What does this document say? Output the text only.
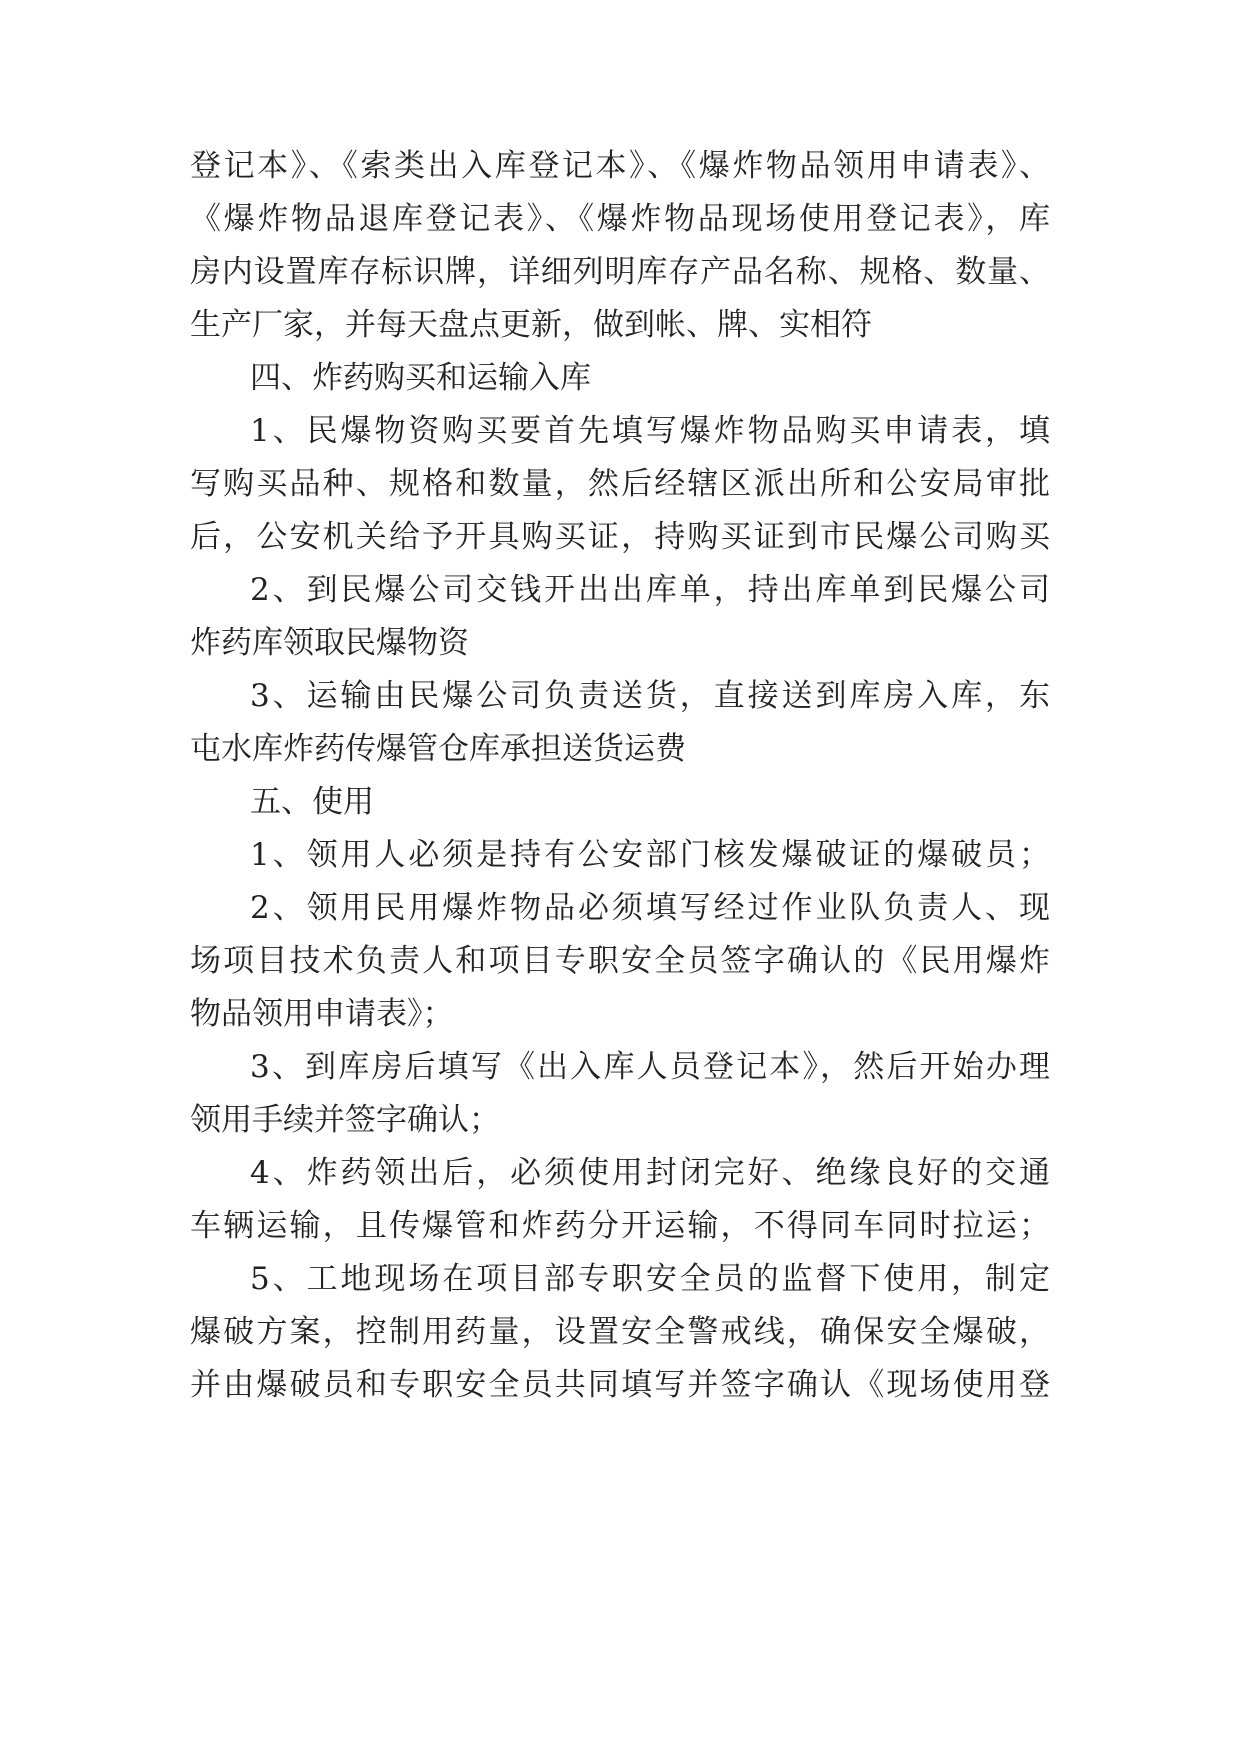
登记本》、《索类出入库登记本》、《爆炸物品领用申请表》、
《爆炸物品退库登记表》、《爆炸物品现场使用登记表》，库
房内设置库存标识牌，详细列明库存产品名称、规格、数量、
生产厂家，并每天盘点更新，做到帐、牌、实相符
四、炸药购买和运输入库
1、民爆物资购买要首先填写爆炸物品购买申请表，填
写购买品种、规格和数量，然后经辖区派出所和公安局审批
后，公安机关给予开具购买证，持购买证到市民爆公司购买
2、到民爆公司交钱开出出库单，持出库单到民爆公司
炸药库领取民爆物资
3、运输由民爆公司负责送货，直接送到库房入库，东
屯水库炸药传爆管仓库承担送货运费
五、使用
1、领用人必须是持有公安部门核发爆破证的爆破员；
2、领用民用爆炸物品必须填写经过作业队负责人、现
场项目技术负责人和项目专职安全员签字确认的《民用爆炸
物品领用申请表》；
3、到库房后填写《出入库人员登记本》，然后开始办理
领用手续并签字确认；
4、炸药领出后，必须使用封闭完好、绝缘良好的交通
车辆运输，且传爆管和炸药分开运输，不得同车同时拉运；
5、工地现场在项目部专职安全员的监督下使用，制定
爆破方案，控制用药量，设置安全警戒线，确保安全爆破，
并由爆破员和专职安全员共同填写并签字确认《现场使用登
